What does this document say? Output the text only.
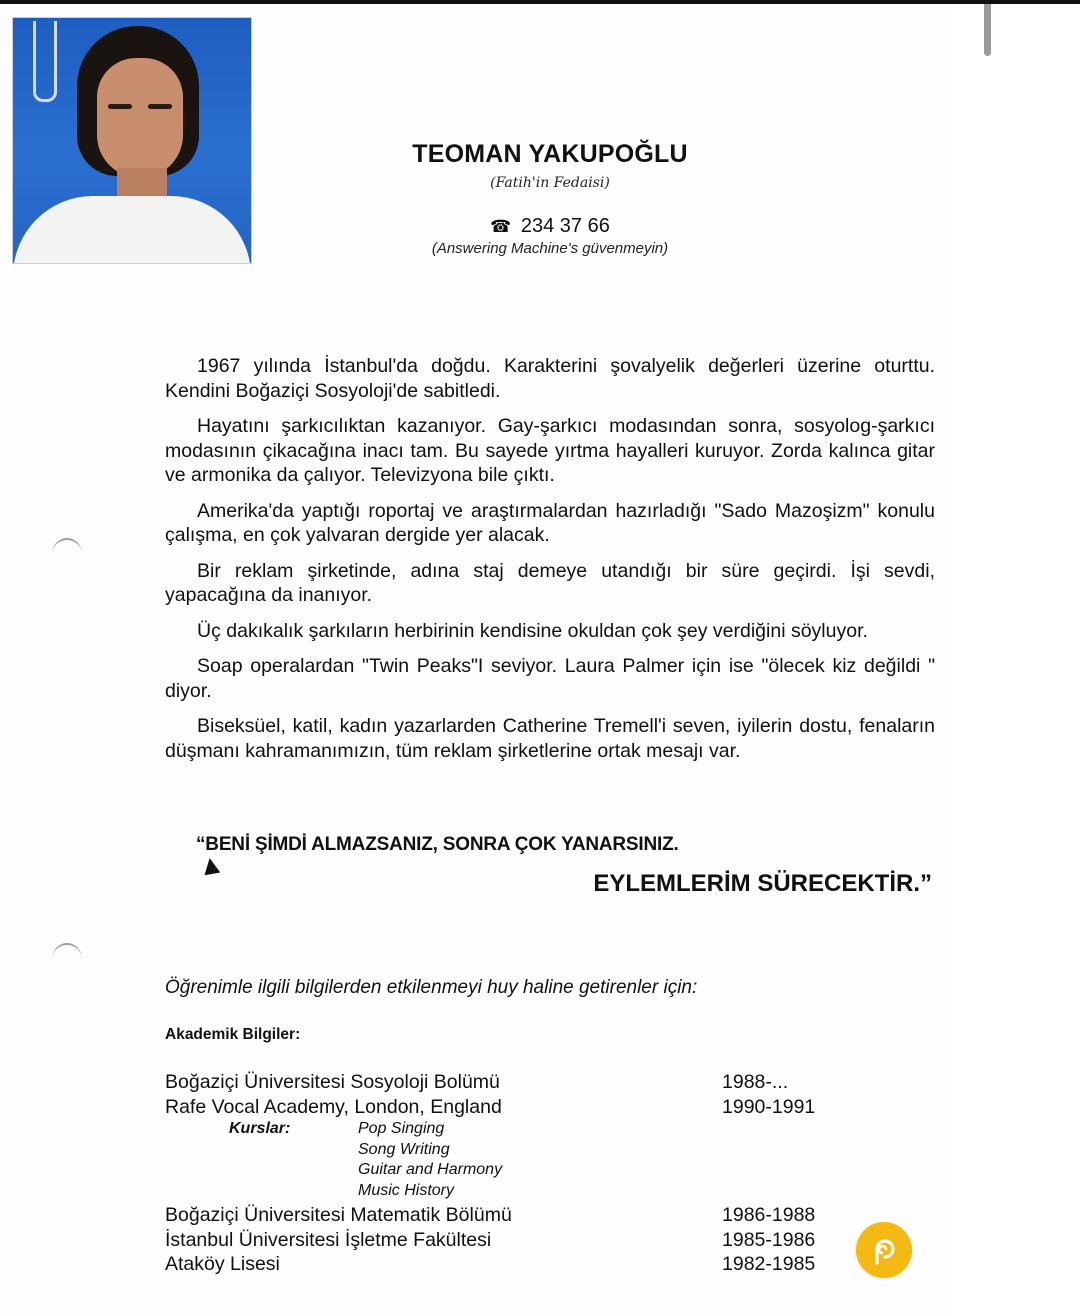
TEOMAN YAKUPOĞLU
(Fatih'in Fedaisi)
☎ 234 37 66
(Answering Machine's güvenmeyin)

1967 yılında İstanbul'da doğdu. Karakterini şovalyelik değerleri üzerine oturttu. Kendini Boğaziçi Sosyoloji'de sabitledi.

Hayatını şarkıcılıktan kazanıyor. Gay-şarkıcı modasından sonra, sosyolog-şarkıcı modasının çikacağına inacı tam. Bu sayede yırtma hayalleri kuruyor. Zorda kalınca gitar ve armonika da çalıyor. Televizyona bile çıktı.

Amerika'da yaptığı roportaj ve araştırmalardan hazırladığı "Sado Mazoşizm" konulu çalışma, en çok yalvaran dergide yer alacak.

Bir reklam şirketinde, adına staj demeye utandığı bir süre geçirdi. İşi sevdi, yapacağına da inanıyor.

Üç dakıkalık şarkıların herbirinin kendisine okuldan çok şey verdiğini söyluyor.

Soap operalardan "Twin Peaks"I seviyor. Laura Palmer için ise "ölecek kiz değildi " diyor.

Biseksüel, katil, kadın yazarlarden Catherine Tremell'i seven, iyilerin dostu, fenaların düşmanı kahramanımızın, tüm reklam şirketlerine ortak mesajı var.

“BENİ ŞİMDİ ALMAZSANIZ, SONRA ÇOK YANARSINIZ.
EYLEMLERİM SÜRECEKTİR.”
Öğrenimle ilgili bilgilerden etkilenmeyi huy haline getirenler için:
Akademik Bilgiler:
Boğaziçi Üniversitesi Sosyoloji Bolümü	1988-...
Rafe Vocal Academy, London, England	1990-1991
Kurslar:	Pop Singing
Song Writing
Guitar and Harmony
Music History
Boğaziçi Üniversitesi Matematik Bölümü	1986-1988
İstanbul Üniversitesi İşletme Fakültesi	1985-1986
Ataköy Lisesi	1982-1985
